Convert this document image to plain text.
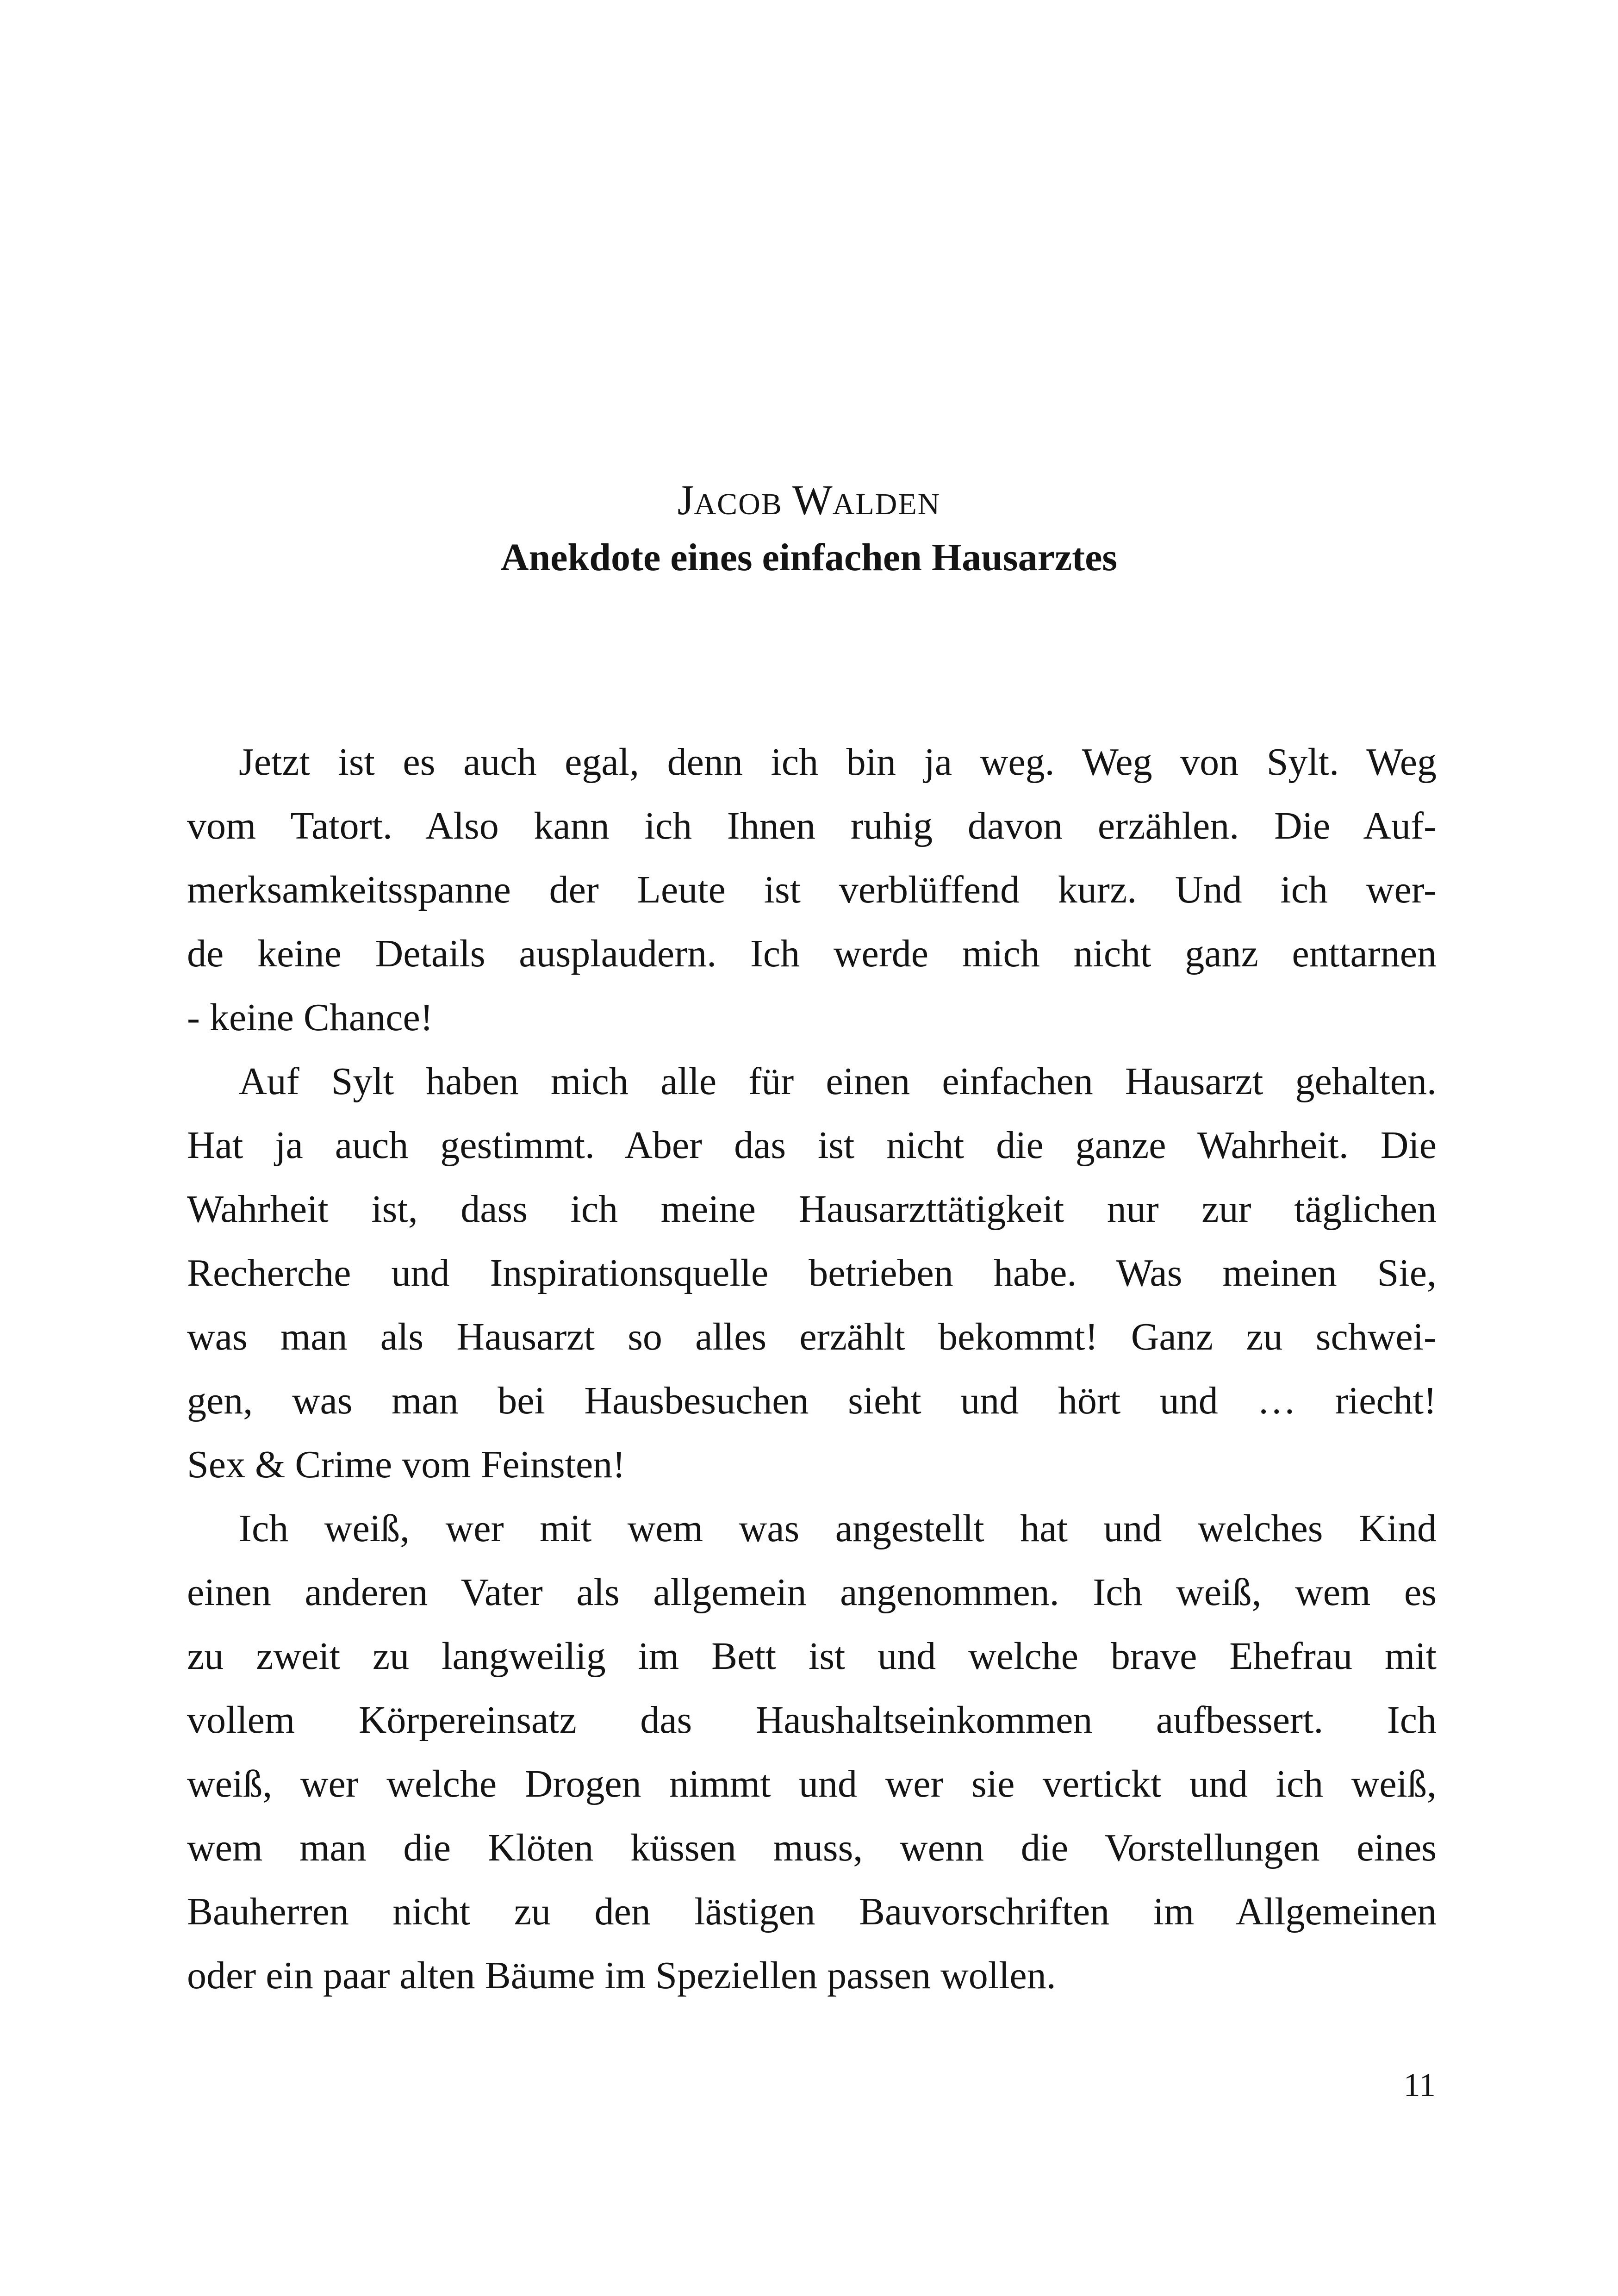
JACOB WALDEN
Anekdote eines einfachen Hausarztes
Jetzt ist es auch egal, denn ich bin ja weg. Weg von Sylt. Weg
vom Tatort. Also kann ich Ihnen ruhig davon erzählen. Die Auf-
merksamkeitsspanne der Leute ist verblüffend kurz. Und ich wer-
de keine Details ausplaudern. Ich werde mich nicht ganz enttarnen
- keine Chance!
Auf Sylt haben mich alle für einen einfachen Hausarzt gehalten.
Hat ja auch gestimmt. Aber das ist nicht die ganze Wahrheit. Die
Wahrheit ist, dass ich meine Hausarzttätigkeit nur zur täglichen
Recherche und Inspirationsquelle betrieben habe. Was meinen Sie,
was man als Hausarzt so alles erzählt bekommt! Ganz zu schwei-
gen, was man bei Hausbesuchen sieht und hört und … riecht!
Sex & Crime vom Feinsten!
Ich weiß, wer mit wem was angestellt hat und welches Kind
einen anderen Vater als allgemein angenommen. Ich weiß, wem es
zu zweit zu langweilig im Bett ist und welche brave Ehefrau mit
vollem Körpereinsatz das Haushaltseinkommen aufbessert. Ich
weiß, wer welche Drogen nimmt und wer sie vertickt und ich weiß,
wem man die Klöten küssen muss, wenn die Vorstellungen eines
Bauherren nicht zu den lästigen Bauvorschriften im Allgemeinen
oder ein paar alten Bäume im Speziellen passen wollen.
11
